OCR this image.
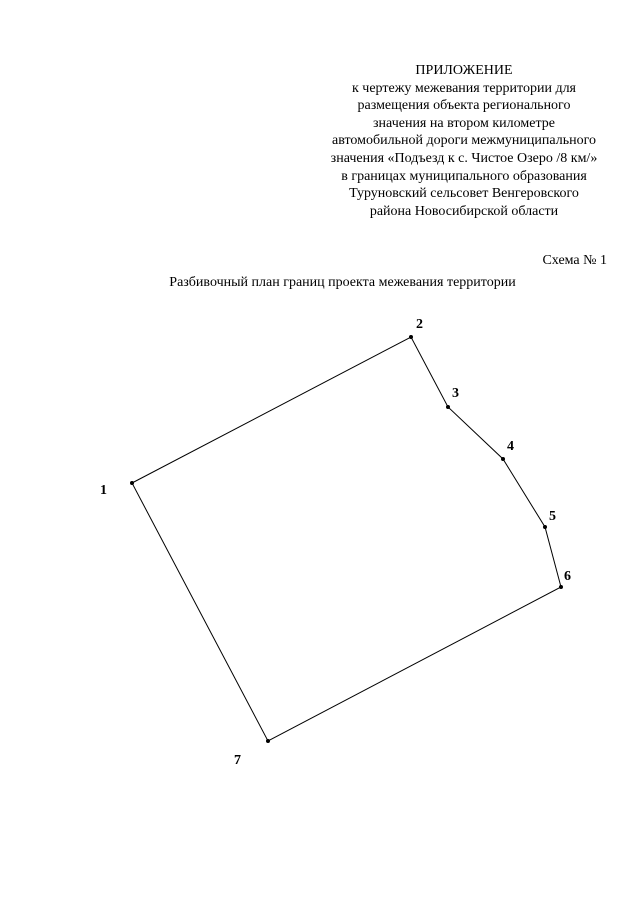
ПРИЛОЖЕНИЕ
к чертежу межевания территории для
размещения объекта регионального
значения на втором километре
автомобильной дороги межмуниципального
значения «Подъезд к с. Чистое Озеро /8 км/»
в границах муниципального образования
Туруновский сельсовет Венгеровского
района Новосибирской области
Схема № 1
Разбивочный план границ проекта межевания территории
1
2
3
4
5
6
7
